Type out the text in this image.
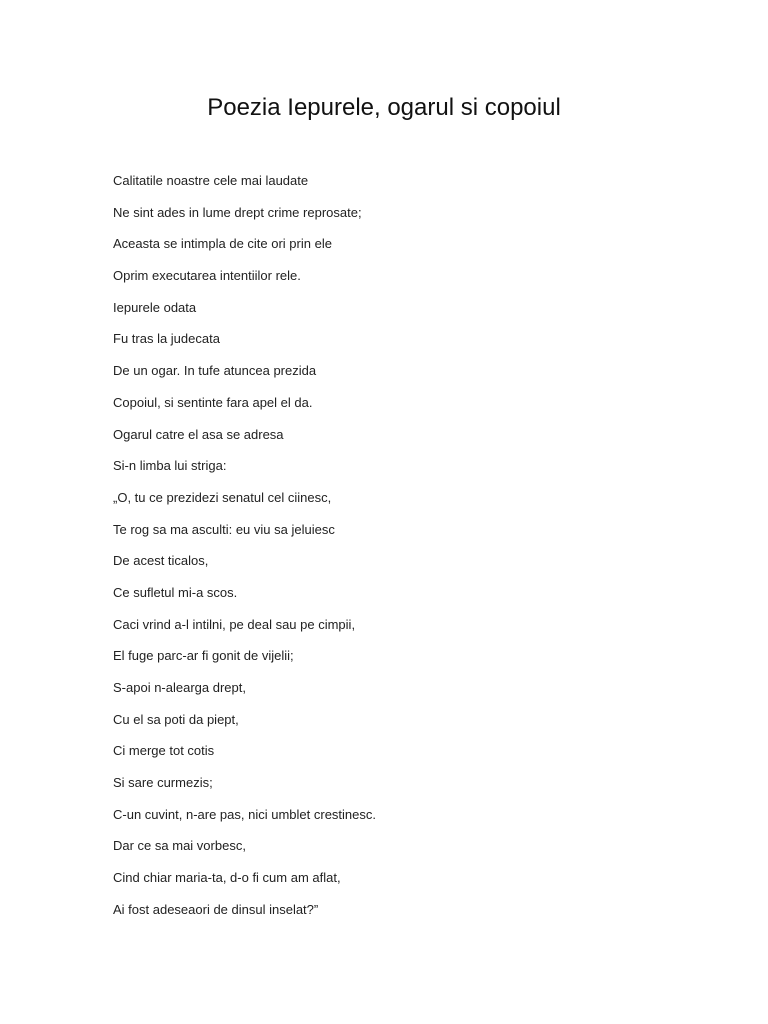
Poezia Iepurele, ogarul si copoiul
Calitatile noastre cele mai laudate
Ne sint ades in lume drept crime reprosate;
Aceasta se intimpla de cite ori prin ele
Oprim executarea intentiilor rele.
Iepurele odata
Fu tras la judecata
De un ogar. In tufe atuncea prezida
Copoiul, si sentinte fara apel el da.
Ogarul catre el asa se adresa
Si-n limba lui striga:
„O, tu ce prezidezi senatul cel ciinesc,
Te rog sa ma asculti: eu viu sa jeluiesc
De acest ticalos,
Ce sufletul mi-a scos.
Caci vrind a-l intilni, pe deal sau pe cimpii,
El fuge parc-ar fi gonit de vijelii;
S-apoi n-alearga drept,
Cu el sa poti da piept,
Ci merge tot cotis
Si sare curmezis;
C-un cuvint, n-are pas, nici umblet crestinesc.
Dar ce sa mai vorbesc,
Cind chiar maria-ta, d-o fi cum am aflat,
Ai fost adeseaori de dinsul inselat?”
